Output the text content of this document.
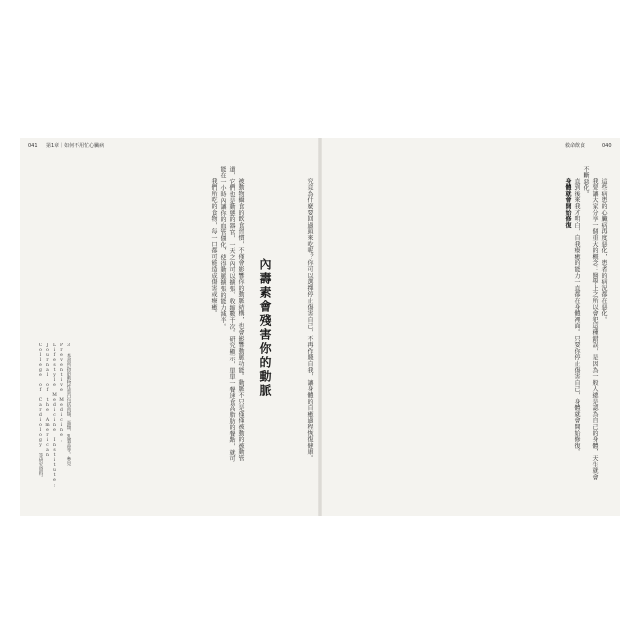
041 第1章｜如何不用忙心臟病
3 本書所指的動物性蛋白包括肉類、蛋類、乳製品等。參見 Preventive Medicine, Lifestyle Medicine Institute; Journal of the American College of Cardiology 等研究資料。	被動物攝食的飲食習慣，不僅會影響你的動脈結構，也會影響動脈功能。動脈不只是僅僅被動的被動管道，它們也是動態的器官，一天之內可以擴張、收縮數千次。研究顯示，單單一餐速食高脂肪的餐點，就可能在一小時內讓你的血管僵化，使得動脈擴張的能力減半。

我們所吃的食物，每一口都可能造成傷害或療癒。

內壽素會殘害你的動脈	究竟為什麼要回過頭來吃呢？你可以選擇停止傷害自己，不再作賤自我，讓身體的自癒過程恢復健康。

救命飲食	040

這些病患的心臟病再度惡化，患者的病況都在惡化。

我要讓大家分享一個重大的概念：醫學上之所以會犯這種錯誤，是因為一般人總是認為自己的身體，天生就會不斷惡化。

直到後來我才明白，自我療癒的能力一直都在身體裡面。只要你停止傷害自己，身體就會開始修復。

身體就會開始修復
